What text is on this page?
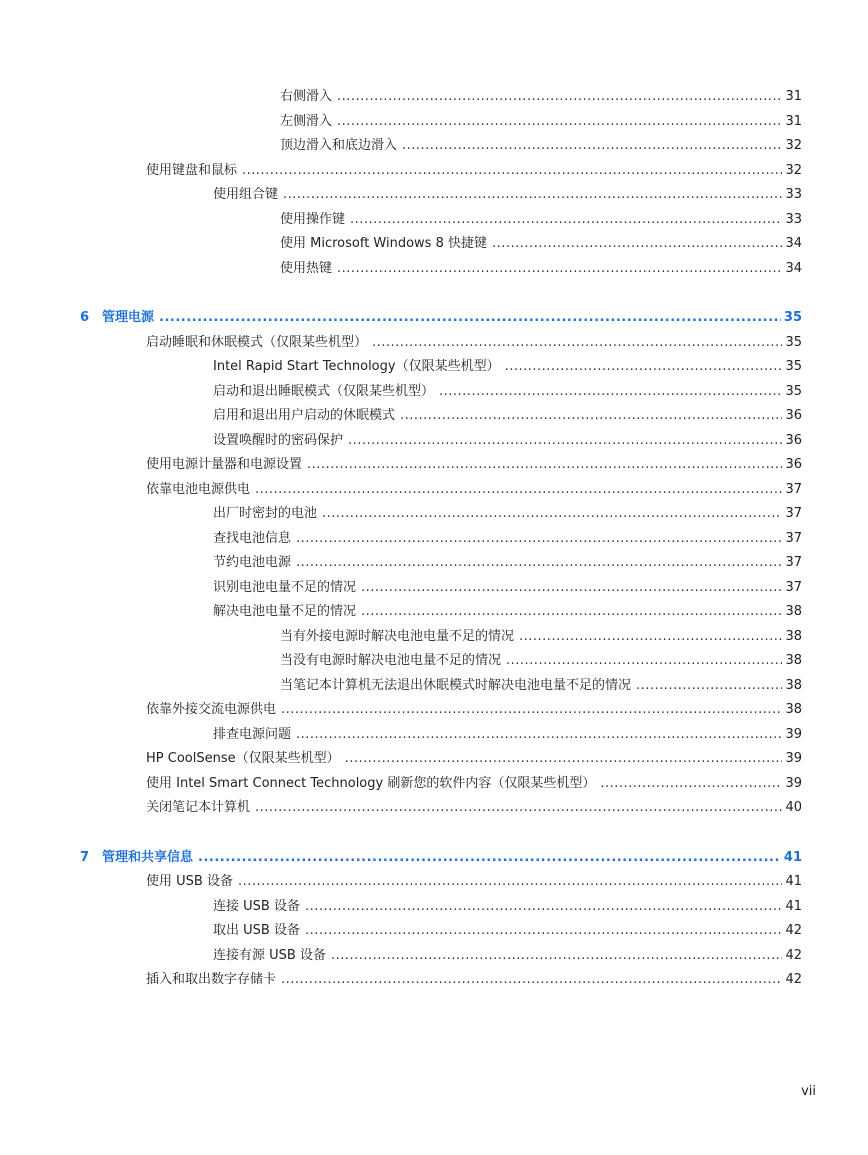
右侧滑入 .....	31
左侧滑入 .....	31
顶边滑入和底边滑入 .....	32
使用键盘和鼠标 .....	32
使用组合键 .....	33
使用操作键 .....	33
使用 Microsoft Windows 8 快捷键 .....	34
使用热键 .....	34
6 管理电源 .....	35
启动睡眠和休眠模式（仅限某些机型） .....	35
Intel Rapid Start Technology（仅限某些机型） .....	35
启动和退出睡眠模式（仅限某些机型） .....	35
启用和退出用户启动的休眠模式 .....	36
设置唤醒时的密码保护 .....	36
使用电源计量器和电源设置 .....	36
依靠电池电源供电 .....	37
出厂时密封的电池 .....	37
查找电池信息 .....	37
节约电池电源 .....	37
识别电池电量不足的情况 .....	37
解决电池电量不足的情况 .....	38
当有外接电源时解决电池电量不足的情况 .....	38
当没有电源时解决电池电量不足的情况 .....	38
当笔记本计算机无法退出休眠模式时解决电池电量不足的情况 .....	38
依靠外接交流电源供电 .....	38
排查电源问题 .....	39
HP CoolSense（仅限某些机型） .....	39
使用 Intel Smart Connect Technology 刷新您的软件内容（仅限某些机型） .....	39
关闭笔记本计算机 .....	40
7 管理和共享信息 .....	41
使用 USB 设备 .....	41
连接 USB 设备 .....	41
取出 USB 设备 .....	42
连接有源 USB 设备 .....	42
插入和取出数字存储卡 .....	42
vii
